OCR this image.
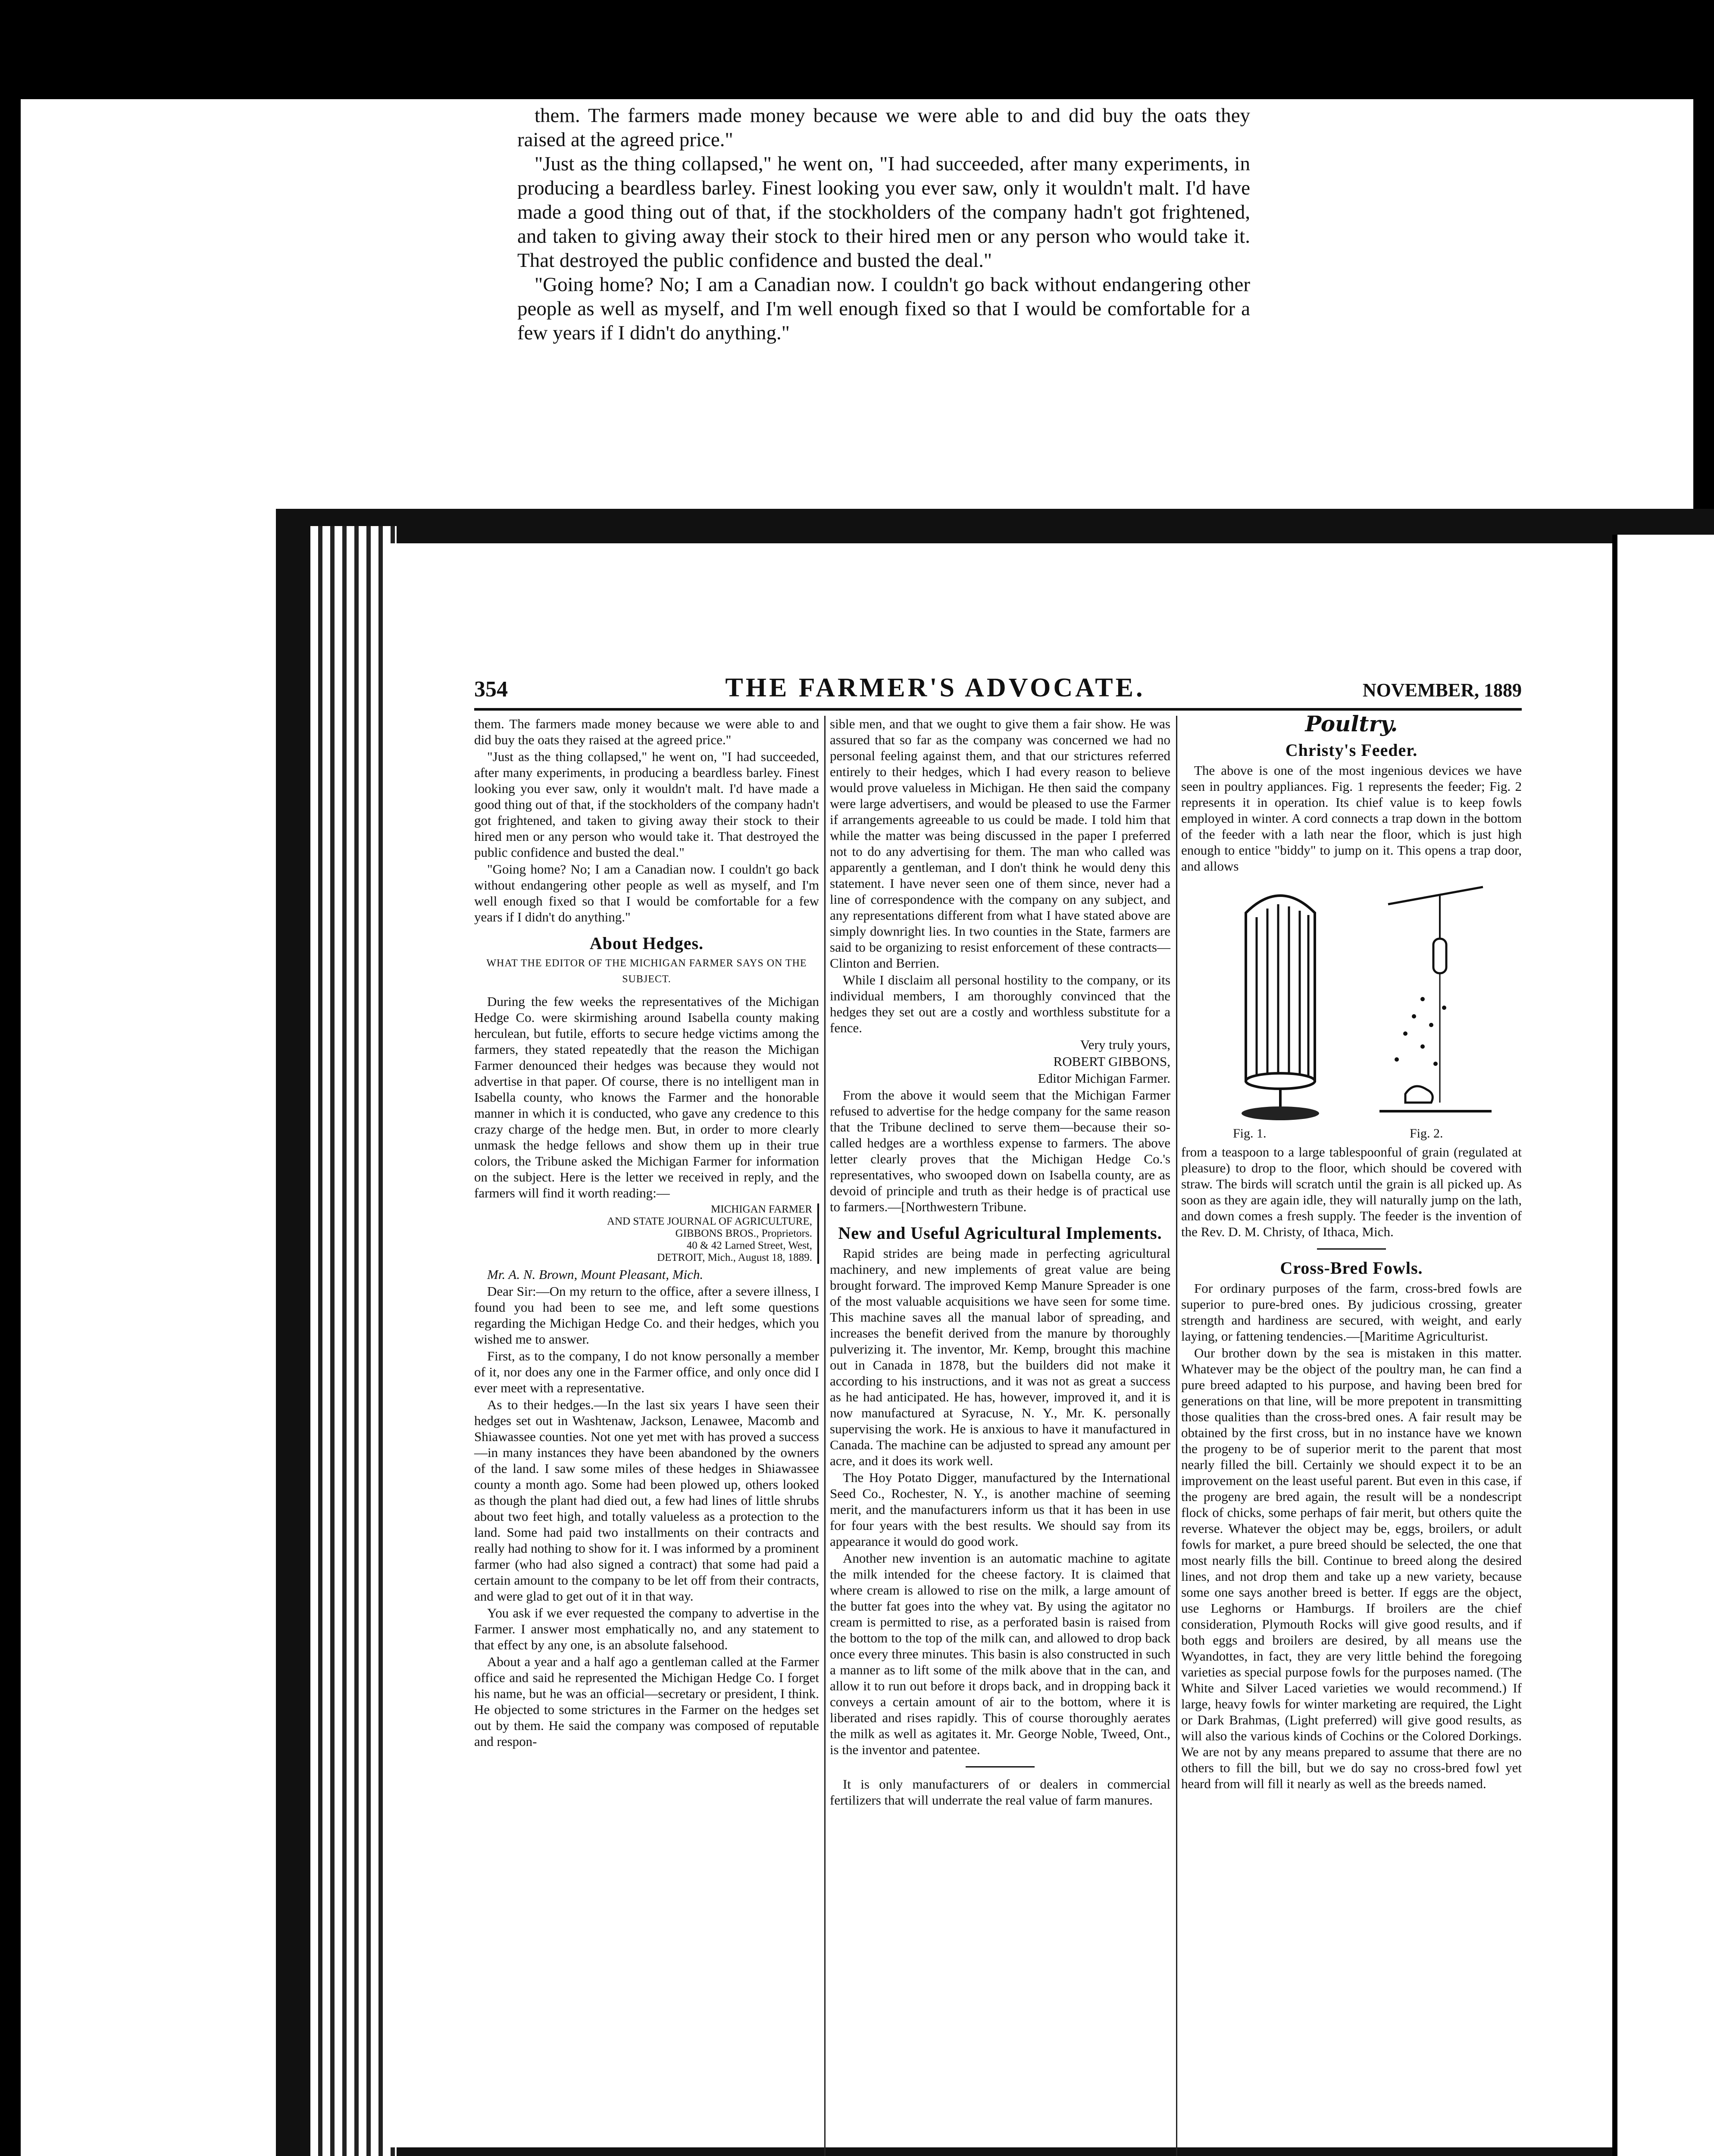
them. The farmers made money because we were able to and did buy the oats they raised at the agreed price."

"Just as the thing collapsed," he went on, "I had succeeded, after many experiments, in producing a beardless barley. Finest looking you ever saw, only it wouldn't malt. I'd have made a good thing out of that, if the stockholders of the company hadn't got frightened, and taken to giving away their stock to their hired men or any person who would take it. That destroyed the public confidence and busted the deal."

"Going home? No; I am a Canadian now. I couldn't go back without endangering other people as well as myself, and I'm well enough fixed so that I would be comfortable for a few years if I didn't do anything."

354	THE FARMER'S ADVOCATE.	NOVEMBER, 1889

them. The farmers made money because we were able to and did buy the oats they raised at the agreed price."

"Just as the thing collapsed," he went on, "I had succeeded, after many experiments, in producing a beardless barley. Finest looking you ever saw, only it wouldn't malt. I'd have made a good thing out of that, if the stockholders of the company hadn't got frightened, and taken to giving away their stock to their hired men or any person who would take it. That destroyed the public confidence and busted the deal."

"Going home? No; I am a Canadian now. I couldn't go back without endangering other people as well as myself, and I'm well enough fixed so that I would be comfortable for a few years if I didn't do anything."

About Hedges.
WHAT THE EDITOR OF THE MICHIGAN FARMER SAYS ON THE SUBJECT.

During the few weeks the representatives of the Michigan Hedge Co. were skirmishing around Isabella county making herculean, but futile, efforts to secure hedge victims among the farmers, they stated repeatedly that the reason the Michigan Farmer denounced their hedges was because they would not advertise in that paper. Of course, there is no intelligent man in Isabella county, who knows the Farmer and the honorable manner in which it is conducted, who gave any credence to this crazy charge of the hedge men. But, in order to more clearly unmask the hedge fellows and show them up in their true colors, the Tribune asked the Michigan Farmer for information on the subject. Here is the letter we received in reply, and the farmers will find it worth reading:—

MICHIGAN FARMER
AND STATE JOURNAL OF AGRICULTURE,
GIBBONS BROS., Proprietors.
40 & 42 Larned Street, West,
DETROIT, Mich., August 18, 1889.

Mr. A. N. Brown, Mount Pleasant, Mich.

Dear Sir:—On my return to the office, after a severe illness, I found you had been to see me, and left some questions regarding the Michigan Hedge Co. and their hedges, which you wished me to answer.

First, as to the company, I do not know personally a member of it, nor does any one in the Farmer office, and only once did I ever meet with a representative.

As to their hedges.—In the last six years I have seen their hedges set out in Washtenaw, Jackson, Lenawee, Macomb and Shiawassee counties. Not one yet met with has proved a success—in many instances they have been abandoned by the owners of the land. I saw some miles of these hedges in Shiawassee county a month ago. Some had been plowed up, others looked as though the plant had died out, a few had lines of little shrubs about two feet high, and totally valueless as a protection to the land. Some had paid two installments on their contracts and really had nothing to show for it. I was informed by a prominent farmer (who had also signed a contract) that some had paid a certain amount to the company to be let off from their contracts, and were glad to get out of it in that way.

You ask if we ever requested the company to advertise in the Farmer. I answer most emphatically no, and any statement to that effect by any one, is an absolute falsehood.

About a year and a half ago a gentleman called at the Farmer office and said he represented the Michigan Hedge Co. I forget his name, but he was an official—secretary or president, I think. He objected to some strictures in the Farmer on the hedges set out by them. He said the company was composed of reputable and respon-

sible men, and that we ought to give them a fair show. He was assured that so far as the company was concerned we had no personal feeling against them, and that our strictures referred entirely to their hedges, which I had every reason to believe would prove valueless in Michigan. He then said the company were large advertisers, and would be pleased to use the Farmer if arrangements agreeable to us could be made. I told him that while the matter was being discussed in the paper I preferred not to do any advertising for them. The man who called was apparently a gentleman, and I don't think he would deny this statement. I have never seen one of them since, never had a line of correspondence with the company on any subject, and any representations different from what I have stated above are simply downright lies. In two counties in the State, farmers are said to be organizing to resist enforcement of these contracts—Clinton and Berrien.

While I disclaim all personal hostility to the company, or its individual members, I am thoroughly convinced that the hedges they set out are a costly and worthless substitute for a fence.

Very truly yours,

ROBERT GIBBONS,

Editor Michigan Farmer.

From the above it would seem that the Michigan Farmer refused to advertise for the hedge company for the same reason that the Tribune declined to serve them—because their so-called hedges are a worthless expense to farmers. The above letter clearly proves that the Michigan Hedge Co.'s representatives, who swooped down on Isabella county, are as devoid of principle and truth as their hedge is of practical use to farmers.—[Northwestern Tribune.

New and Useful Agricultural Implements.

Rapid strides are being made in perfecting agricultural machinery, and new implements of great value are being brought forward. The improved Kemp Manure Spreader is one of the most valuable acquisitions we have seen for some time. This machine saves all the manual labor of spreading, and increases the benefit derived from the manure by thoroughly pulverizing it. The inventor, Mr. Kemp, brought this machine out in Canada in 1878, but the builders did not make it according to his instructions, and it was not as great a success as he had anticipated. He has, however, improved it, and it is now manufactured at Syracuse, N. Y., Mr. K. personally supervising the work. He is anxious to have it manufactured in Canada. The machine can be adjusted to spread any amount per acre, and it does its work well.

The Hoy Potato Digger, manufactured by the International Seed Co., Rochester, N. Y., is another machine of seeming merit, and the manufacturers inform us that it has been in use for four years with the best results. We should say from its appearance it would do good work.

Another new invention is an automatic machine to agitate the milk intended for the cheese factory. It is claimed that where cream is allowed to rise on the milk, a large amount of the butter fat goes into the whey vat. By using the agitator no cream is permitted to rise, as a perforated basin is raised from the bottom to the top of the milk can, and allowed to drop back once every three minutes. This basin is also constructed in such a manner as to lift some of the milk above that in the can, and allow it to run out before it drops back, and in dropping back it conveys a certain amount of air to the bottom, where it is liberated and rises rapidly. This of course thoroughly aerates the milk as well as agitates it. Mr. George Noble, Tweed, Ont., is the inventor and patentee.

It is only manufacturers of or dealers in commercial fertilizers that will underrate the real value of farm manures.

Poultry.
Christy's Feeder.

The above is one of the most ingenious devices we have seen in poultry appliances. Fig. 1 represents the feeder; Fig. 2 represents it in operation. Its chief value is to keep fowls employed in winter. A cord connects a trap down in the bottom of the feeder with a lath near the floor, which is just high enough to entice "biddy" to jump on it. This opens a trap door, and allows

Fig. 1.	Fig. 2.

from a teaspoon to a large tablespoonful of grain (regulated at pleasure) to drop to the floor, which should be covered with straw. The birds will scratch until the grain is all picked up. As soon as they are again idle, they will naturally jump on the lath, and down comes a fresh supply. The feeder is the invention of the Rev. D. M. Christy, of Ithaca, Mich.

Cross-Bred Fowls.

For ordinary purposes of the farm, cross-bred fowls are superior to pure-bred ones. By judicious crossing, greater strength and hardiness are secured, with weight, and early laying, or fattening tendencies.—[Maritime Agriculturist.

Our brother down by the sea is mistaken in this matter. Whatever may be the object of the poultry man, he can find a pure breed adapted to his purpose, and having been bred for generations on that line, will be more prepotent in transmitting those qualities than the cross-bred ones. A fair result may be obtained by the first cross, but in no instance have we known the progeny to be of superior merit to the parent that most nearly filled the bill. Certainly we should expect it to be an improvement on the least useful parent. But even in this case, if the progeny are bred again, the result will be a nondescript flock of chicks, some perhaps of fair merit, but others quite the reverse. Whatever the object may be, eggs, broilers, or adult fowls for market, a pure breed should be selected, the one that most nearly fills the bill. Continue to breed along the desired lines, and not drop them and take up a new variety, because some one says another breed is better. If eggs are the object, use Leghorns or Hamburgs. If broilers are the chief consideration, Plymouth Rocks will give good results, and if both eggs and broilers are desired, by all means use the Wyandottes, in fact, they are very little behind the foregoing varieties as special purpose fowls for the purposes named. (The White and Silver Laced varieties we would recommend.) If large, heavy fowls for winter marketing are required, the Light or Dark Brahmas, (Light preferred) will give good results, as will also the various kinds of Cochins or the Colored Dorkings. We are not by any means prepared to assume that there are no others to fill the bill, but we do say no cross-bred fowl yet heard from will fill it nearly as well as the breeds named.
